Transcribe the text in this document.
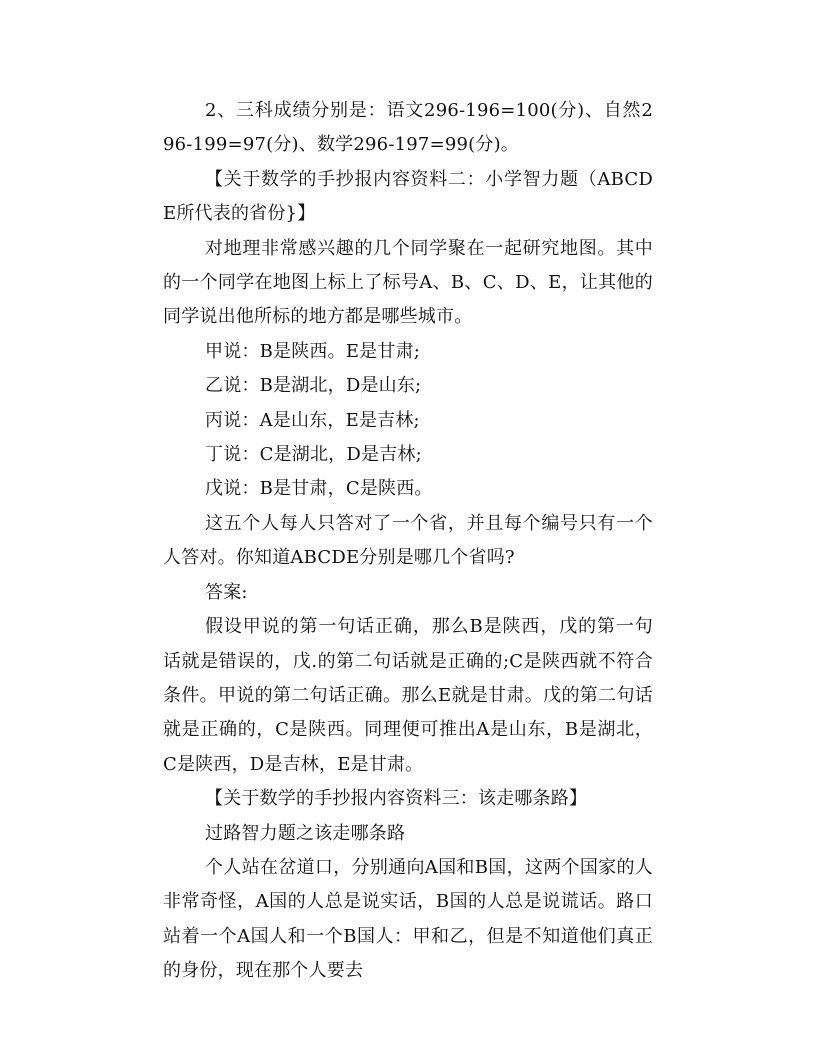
2、三科成绩分别是：语文296-196=100(分)、自然296-199=97(分)、数学296-197=99(分)。

【关于数学的手抄报内容资料二：小学智力题（ABCDE所代表的省份}】

对地理非常感兴趣的几个同学聚在一起研究地图。其中的一个同学在地图上标上了标号A、B、C、D、E，让其他的同学说出他所标的地方都是哪些城市。

甲说：B是陕西。E是甘肃;

乙说：B是湖北，D是山东;

丙说：A是山东，E是吉林;

丁说：C是湖北，D是吉林;

戊说：B是甘肃，C是陕西。

这五个人每人只答对了一个省，并且每个编号只有一个人答对。你知道ABCDE分别是哪几个省吗?

答案:

假设甲说的第一句话正确，那么B是陕西，戊的第一句话就是错误的，戊.的第二句话就是正确的;C是陕西就不符合条件。甲说的第二句话正确。那么E就是甘肃。戊的第二句话就是正确的，C是陕西。同理便可推出A是山东，B是湖北，C是陕西，D是吉林，E是甘肃。

【关于数学的手抄报内容资料三：该走哪条路】

过路智力题之该走哪条路

个人站在岔道口，分别通向A国和B国，这两个国家的人非常奇怪，A国的人总是说实话，B国的人总是说谎话。路口站着一个A国人和一个B国人：甲和乙，但是不知道他们真正的身份，现在那个人要去
